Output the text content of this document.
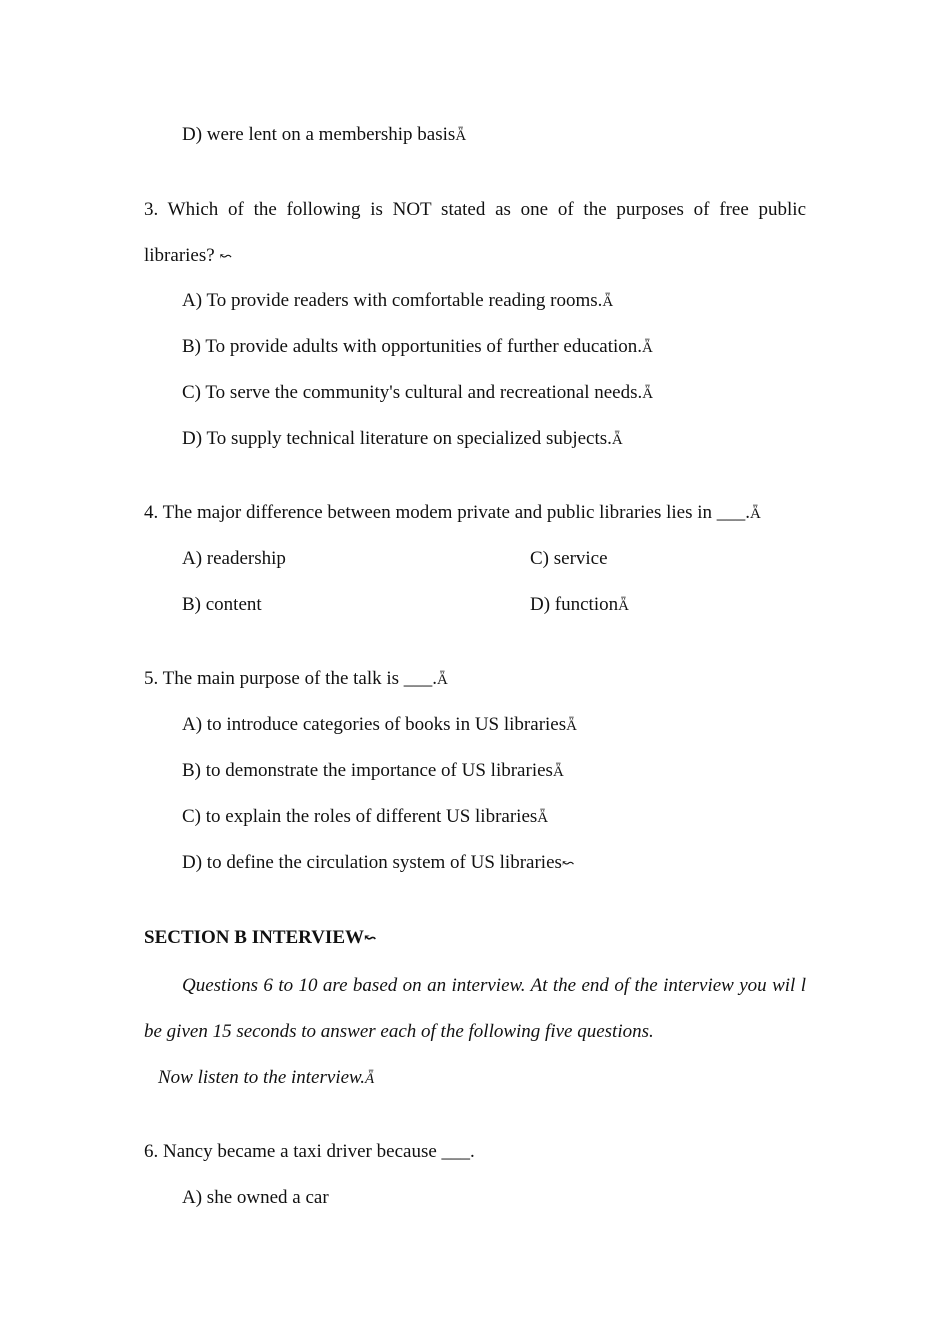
D) were lent on a membership basisǞ
3. Which of the following is NOT stated as one of the purposes of free public
libraries? ↜
A) To provide readers with comfortable reading rooms.Ǟ
B) To provide adults with opportunities of further education.Ǟ
C) To serve the community's cultural and recreational needs.Ǟ
D) To supply technical literature on specialized subjects.Ǟ
4. The major difference between modem private and public libraries lies in ___.Ǟ
A) readership	C) service
B) content	D) functionǞ
5. The main purpose of the talk is ___.Ǟ
A) to introduce categories of books in US librariesǞ
B) to demonstrate the importance of US librariesǞ
C) to explain the roles of different US librariesǞ
D) to define the circulation system of US libraries↜
SECTION B INTERVIEW↜
Questions 6 to 10 are based on an interview. At the end of the interview you wil l
be given 15 seconds to answer each of the following five questions.
Now listen to the interview.Ǟ
6. Nancy became a taxi driver because ___.
A) she owned a car
